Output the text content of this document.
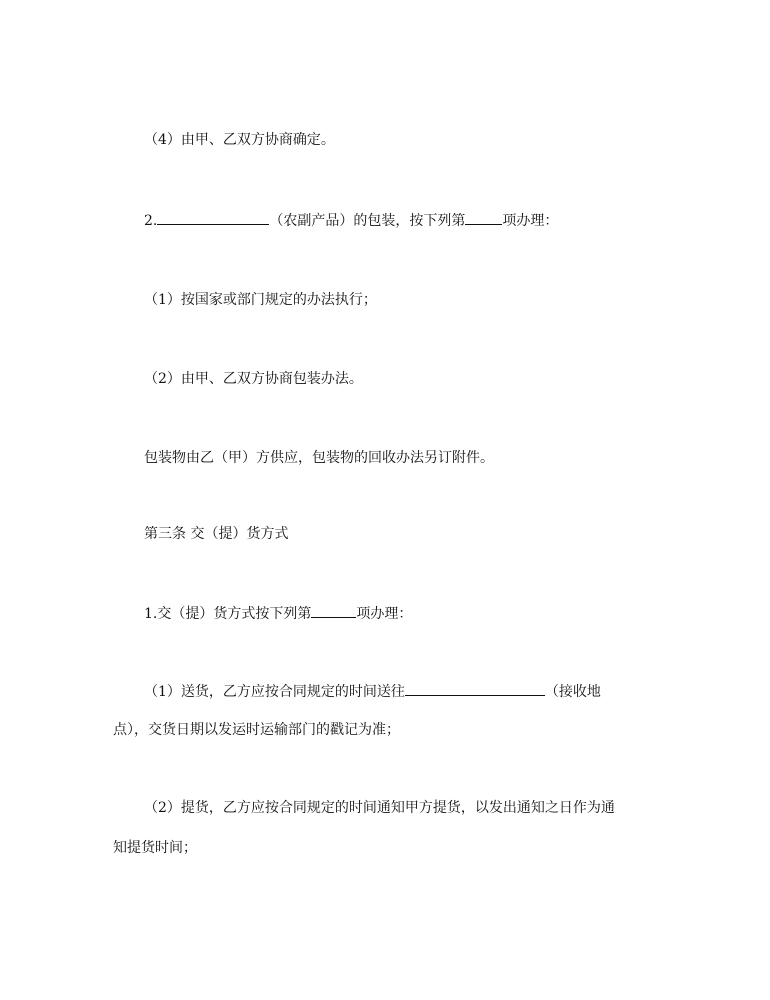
（4）由甲、乙双方协商确定。
2.	（农副产品）的包装，按下列第	项办理：
（1）按国家或部门规定的办法执行；
（2）由甲、乙双方协商包装办法。
包装物由乙（甲）方供应，包装物的回收办法另订附件。
第三条 交（提）货方式
1.交（提）货方式按下列第	项办理：
（1）送货，乙方应按合同规定的时间送往	（接收地
点），交货日期以发运时运输部门的戳记为准；
（2）提货，乙方应按合同规定的时间通知甲方提货，以发出通知之日作为通
知提货时间；
